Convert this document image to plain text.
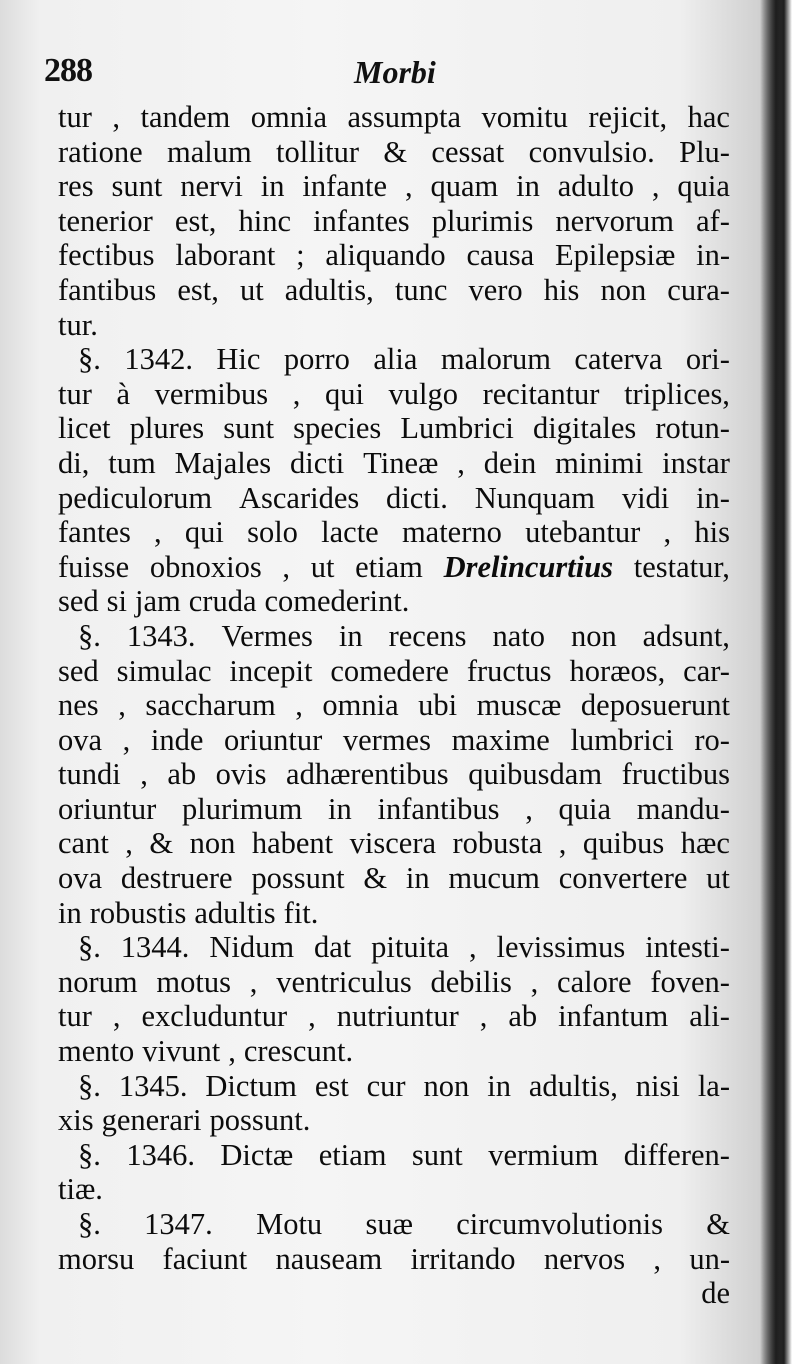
288	Morbi
tur , tandem omnia assumpta vomitu rejicit, hac
ratione malum tollitur & cessat convulsio. Plu-
res sunt nervi in infante , quam in adulto , quia
tenerior est, hinc infantes plurimis nervorum af-
fectibus laborant ; aliquando causa Epilepsiæ in-
fantibus est, ut adultis, tunc vero his non cura-
tur.
§. 1342. Hic porro alia malorum caterva ori-
tur à vermibus , qui vulgo recitantur triplices,
licet plures sunt species Lumbrici digitales rotun-
di, tum Majales dicti Tineæ , dein minimi instar
pediculorum Ascarides dicti. Nunquam vidi in-
fantes , qui solo lacte materno utebantur , his
fuisse obnoxios , ut etiam Drelincurtius testatur,
sed si jam cruda comederint.
§. 1343. Vermes in recens nato non adsunt,
sed simulac incepit comedere fructus horæos, car-
nes , saccharum , omnia ubi muscæ deposuerunt
ova , inde oriuntur vermes maxime lumbrici ro-
tundi , ab ovis adhærentibus quibusdam fructibus
oriuntur plurimum in infantibus , quia mandu-
cant , & non habent viscera robusta , quibus hæc
ova destruere possunt & in mucum convertere ut
in robustis adultis fit.
§. 1344. Nidum dat pituita , levissimus intesti-
norum motus , ventriculus debilis , calore foven-
tur , excluduntur , nutriuntur , ab infantum ali-
mento vivunt , crescunt.
§. 1345. Dictum est cur non in adultis, nisi la-
xis generari possunt.
§. 1346. Dictæ etiam sunt vermium differen-
tiæ.
§. 1347. Motu suæ circumvolutionis &
morsu faciunt nauseam irritando nervos , un-
de
